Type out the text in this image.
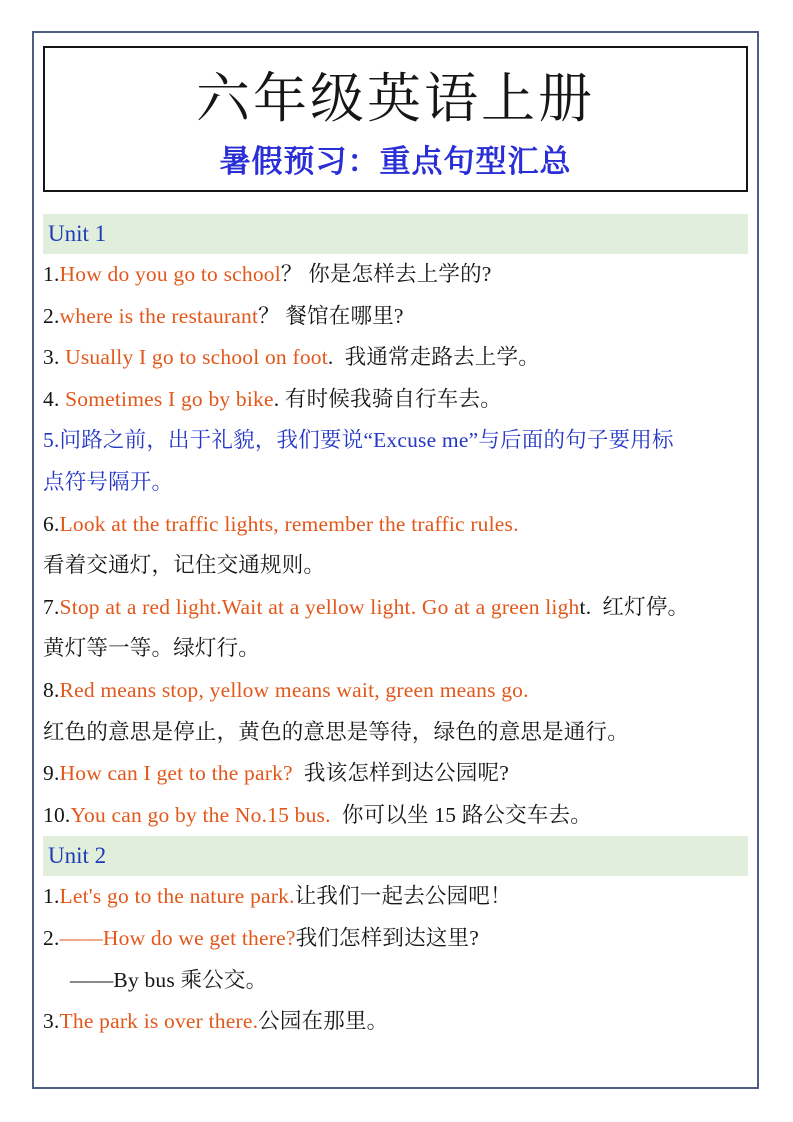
六年级英语上册
暑假预习：重点句型汇总
Unit 1

1.How do you go to school？ 你是怎样去上学的?

2.where is the restaurant？ 餐馆在哪里?

3. Usually I go to school on foot.  我通常走路去上学。

4. Sometimes I go by bike. 有时候我骑自行车去。

5.问路之前，出于礼貌，我们要说“Excuse me”与后面的句子要用标

点符号隔开。

6.Look at the traffic lights, remember the traffic rules.

看着交通灯，记住交通规则。

7.Stop at a red light.Wait at a yellow light. Go at a green light.  红灯停。

黄灯等一等。绿灯行。

8.Red means stop, yellow means wait, green means go.

红色的意思是停止，黄色的意思是等待，绿色的意思是通行。

9.How can I get to the park?  我该怎样到达公园呢?

10.You can go by the No.15 bus.  你可以坐 15 路公交车去。

Unit 2

1.Let's go to the nature park.让我们一起去公园吧！

2.——How do we get there?我们怎样到达这里?

——By bus 乘公交。

3.The park is over there.公园在那里。
